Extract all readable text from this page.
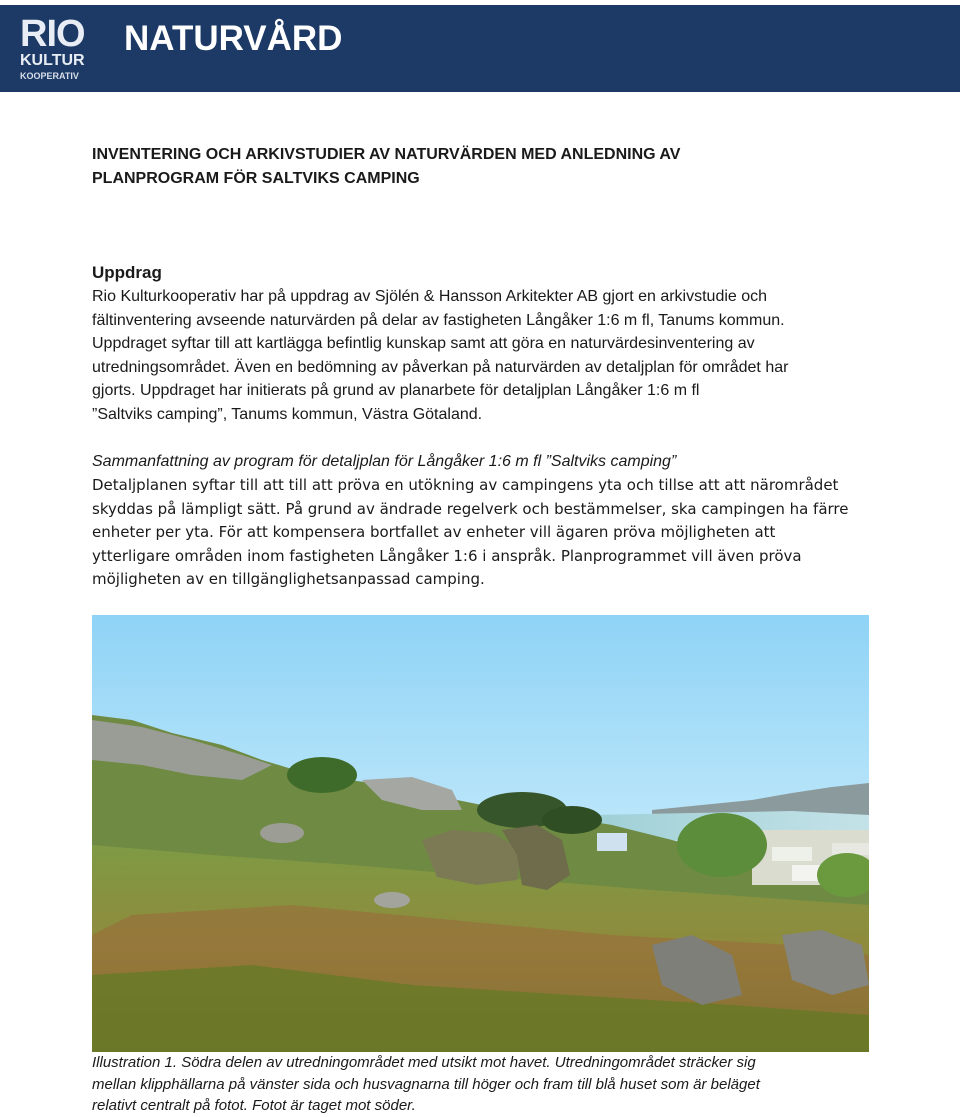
RIO
KULTUR
KOOPERATIV
NATURVÅRD
INVENTERING OCH ARKIVSTUDIER AV NATURVÄRDEN MED ANLEDNING AV
PLANPROGRAM FÖR SALTVIKS CAMPING
Uppdrag
Rio Kulturkooperativ har på uppdrag av Sjölén & Hansson Arkitekter AB gjort en arkivstudie och
fältinventering avseende naturvärden på delar av fastigheten Långåker 1:6 m fl, Tanums kommun.
Uppdraget syftar till att kartlägga befintlig kunskap samt att göra en naturvärdesinventering av
utredningsområdet. Även en bedömning av påverkan på naturvärden av detaljplan för området har
gjorts. Uppdraget har initierats på grund av planarbete för detaljplan Långåker 1:6 m fl
”Saltviks camping”, Tanums kommun, Västra Götaland.
Sammanfattning av program för detaljplan för Långåker 1:6 m fl ”Saltviks camping”
Detaljplanen syftar till att till att pröva en utökning av campingens yta och tillse att att närområdet
skyddas på lämpligt sätt. På grund av ändrade regelverk och bestämmelser, ska campingen ha färre
enheter per yta. För att kompensera bortfallet av enheter vill ägaren pröva möjligheten att
ytterligare områden inom fastigheten Långåker 1:6 i anspråk. Planprogrammet vill även pröva
möjligheten av en tillgänglighetsanpassad camping.
Illustration 1. Södra delen av utredningområdet med utsikt mot havet. Utredningområdet sträcker sig
mellan klipphällarna på vänster sida och husvagnarna till höger och fram till blå huset som är beläget
relativt centralt på fotot. Fotot är taget mot söder.
